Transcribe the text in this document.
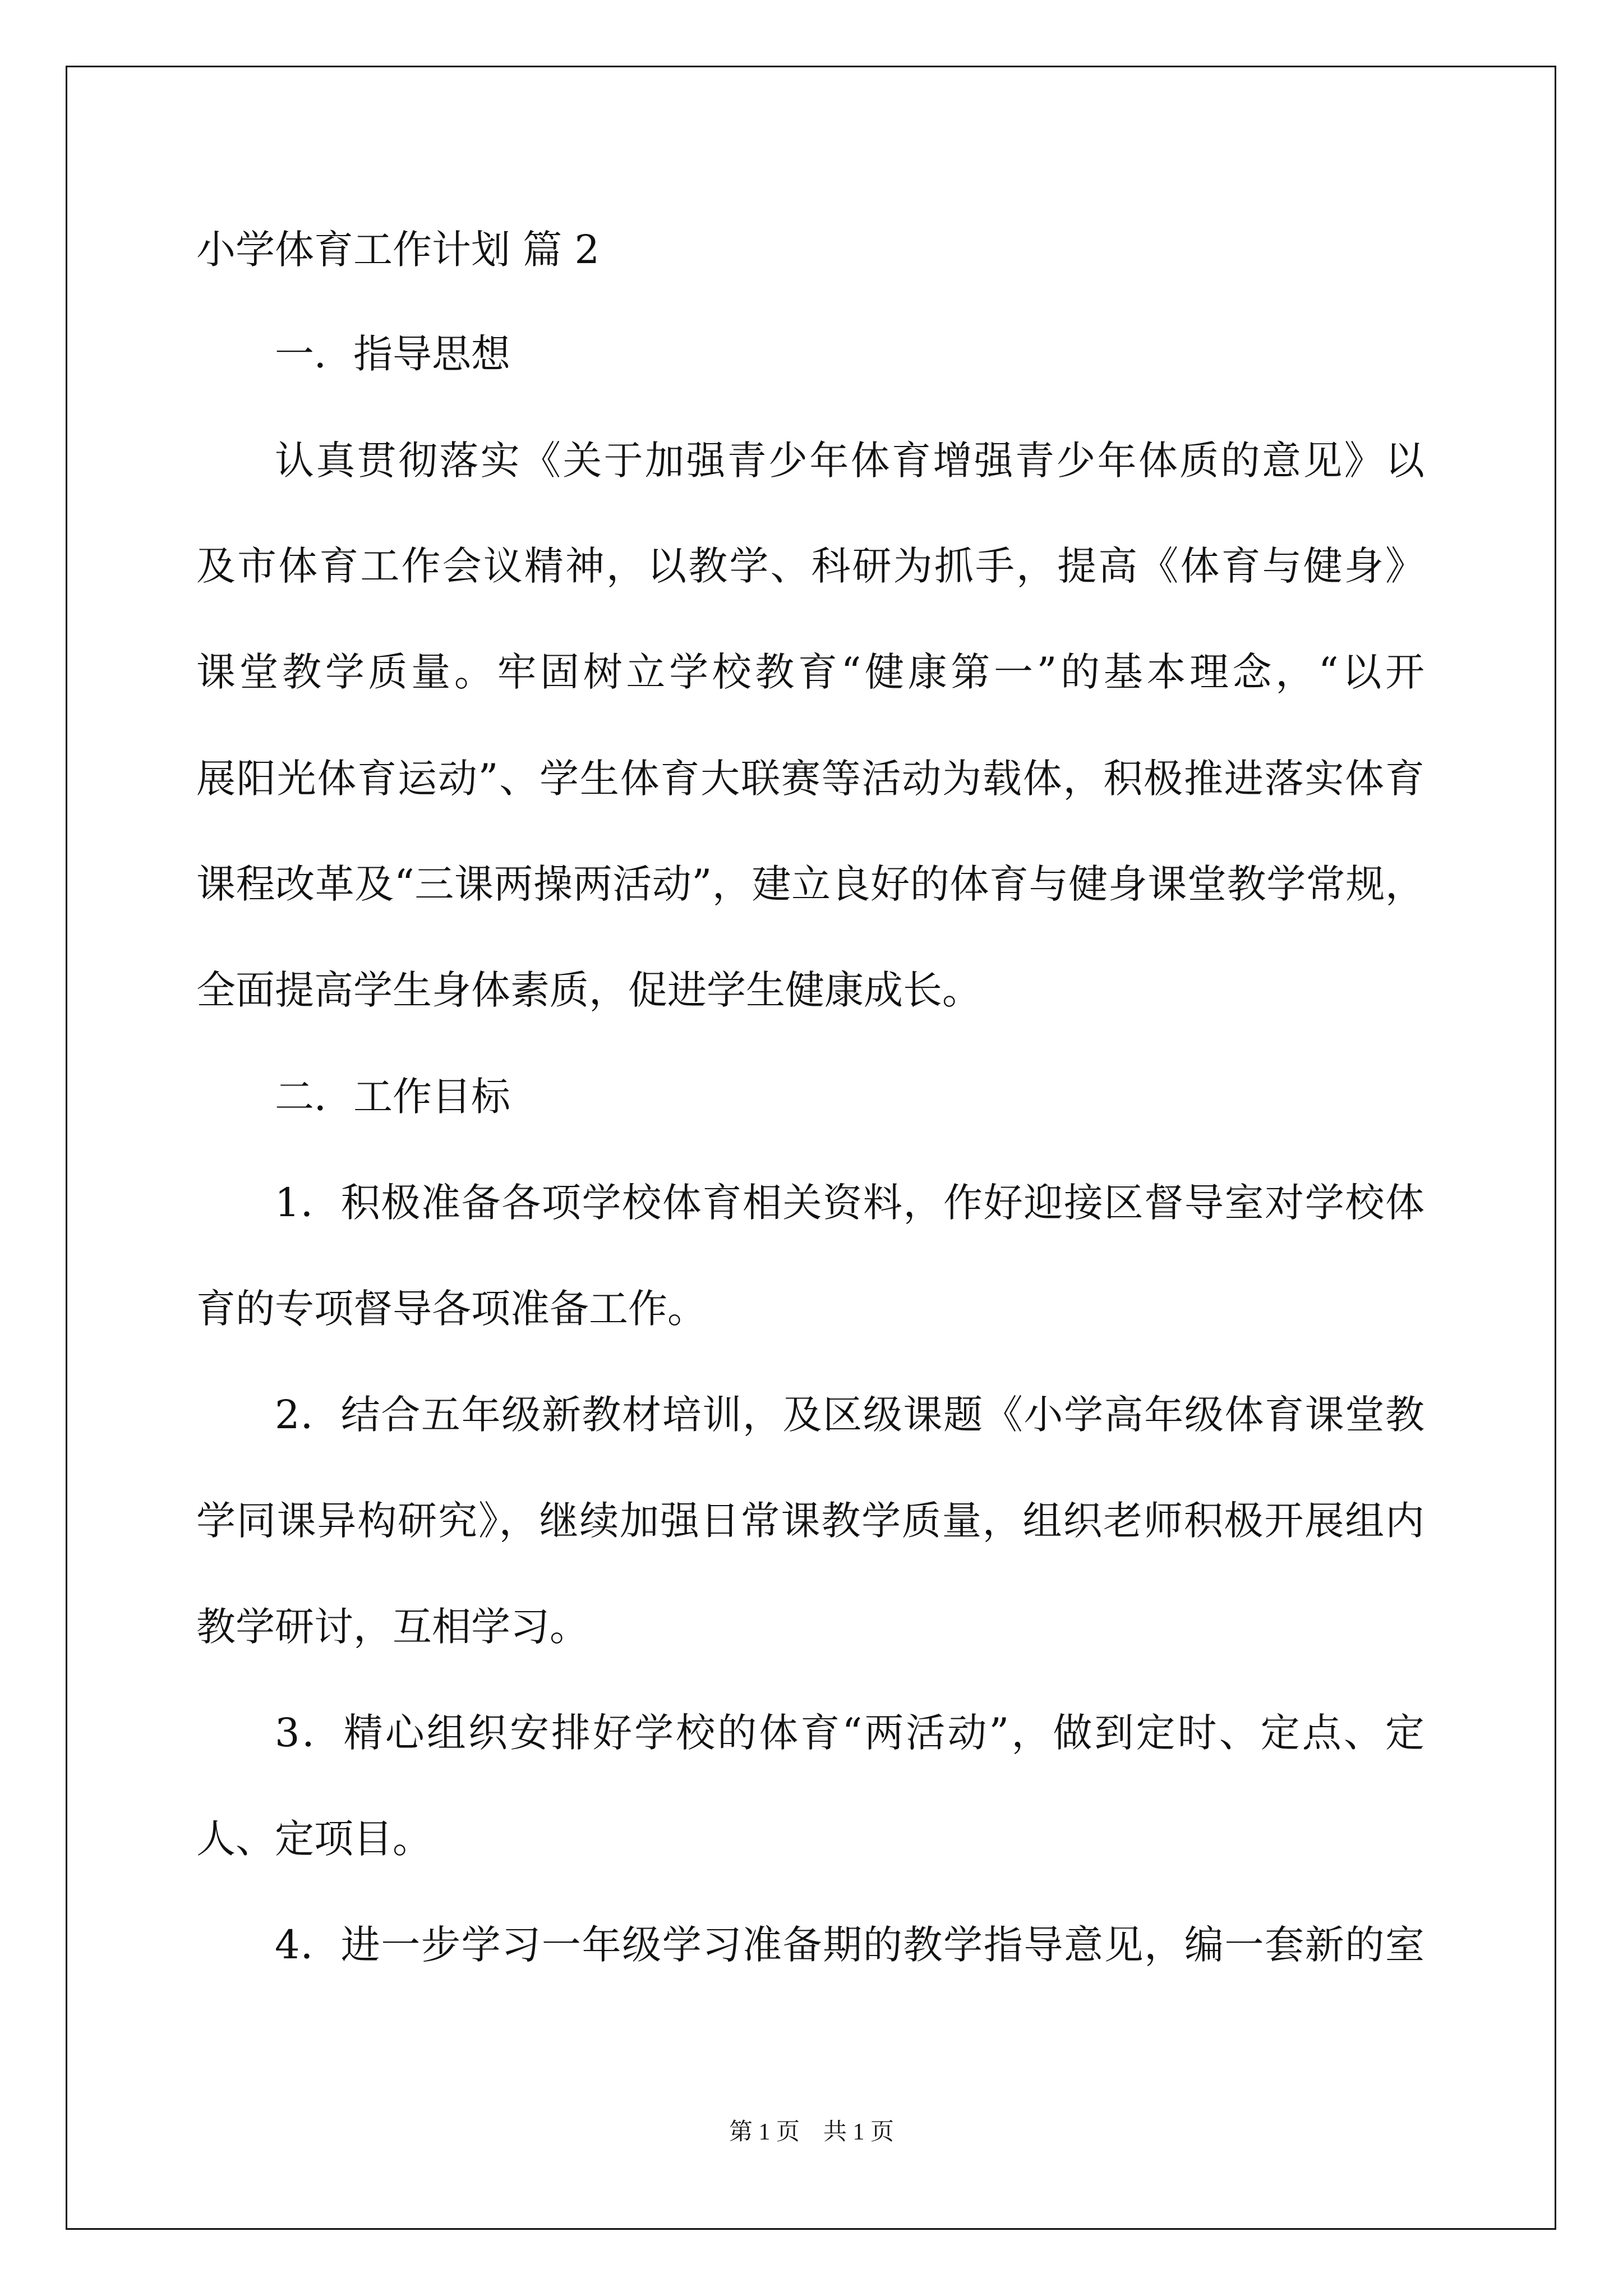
小学体育工作计划 篇 2
一．指导思想
认真贯彻落实《关于加强青少年体育增强青少年体质的意见》以
及市体育工作会议精神，以教学、科研为抓手，提高《体育与健身》
课堂教学质量。牢固树立学校教育“健康第一”的基本理念，“以开
展阳光体育运动”、学生体育大联赛等活动为载体，积极推进落实体育
课程改革及“三课两操两活动”，建立良好的体育与健身课堂教学常规，
全面提高学生身体素质，促进学生健康成长。
二．工作目标
1．积极准备各项学校体育相关资料，作好迎接区督导室对学校体
育的专项督导各项准备工作。
2．结合五年级新教材培训，及区级课题《小学高年级体育课堂教
学同课异构研究》，继续加强日常课教学质量，组织老师积极开展组内
教学研讨，互相学习。
3．精心组织安排好学校的体育“两活动”，做到定时、定点、定
人、定项目。
4．进一步学习一年级学习准备期的教学指导意见，编一套新的室
第 1 页　共 1 页
